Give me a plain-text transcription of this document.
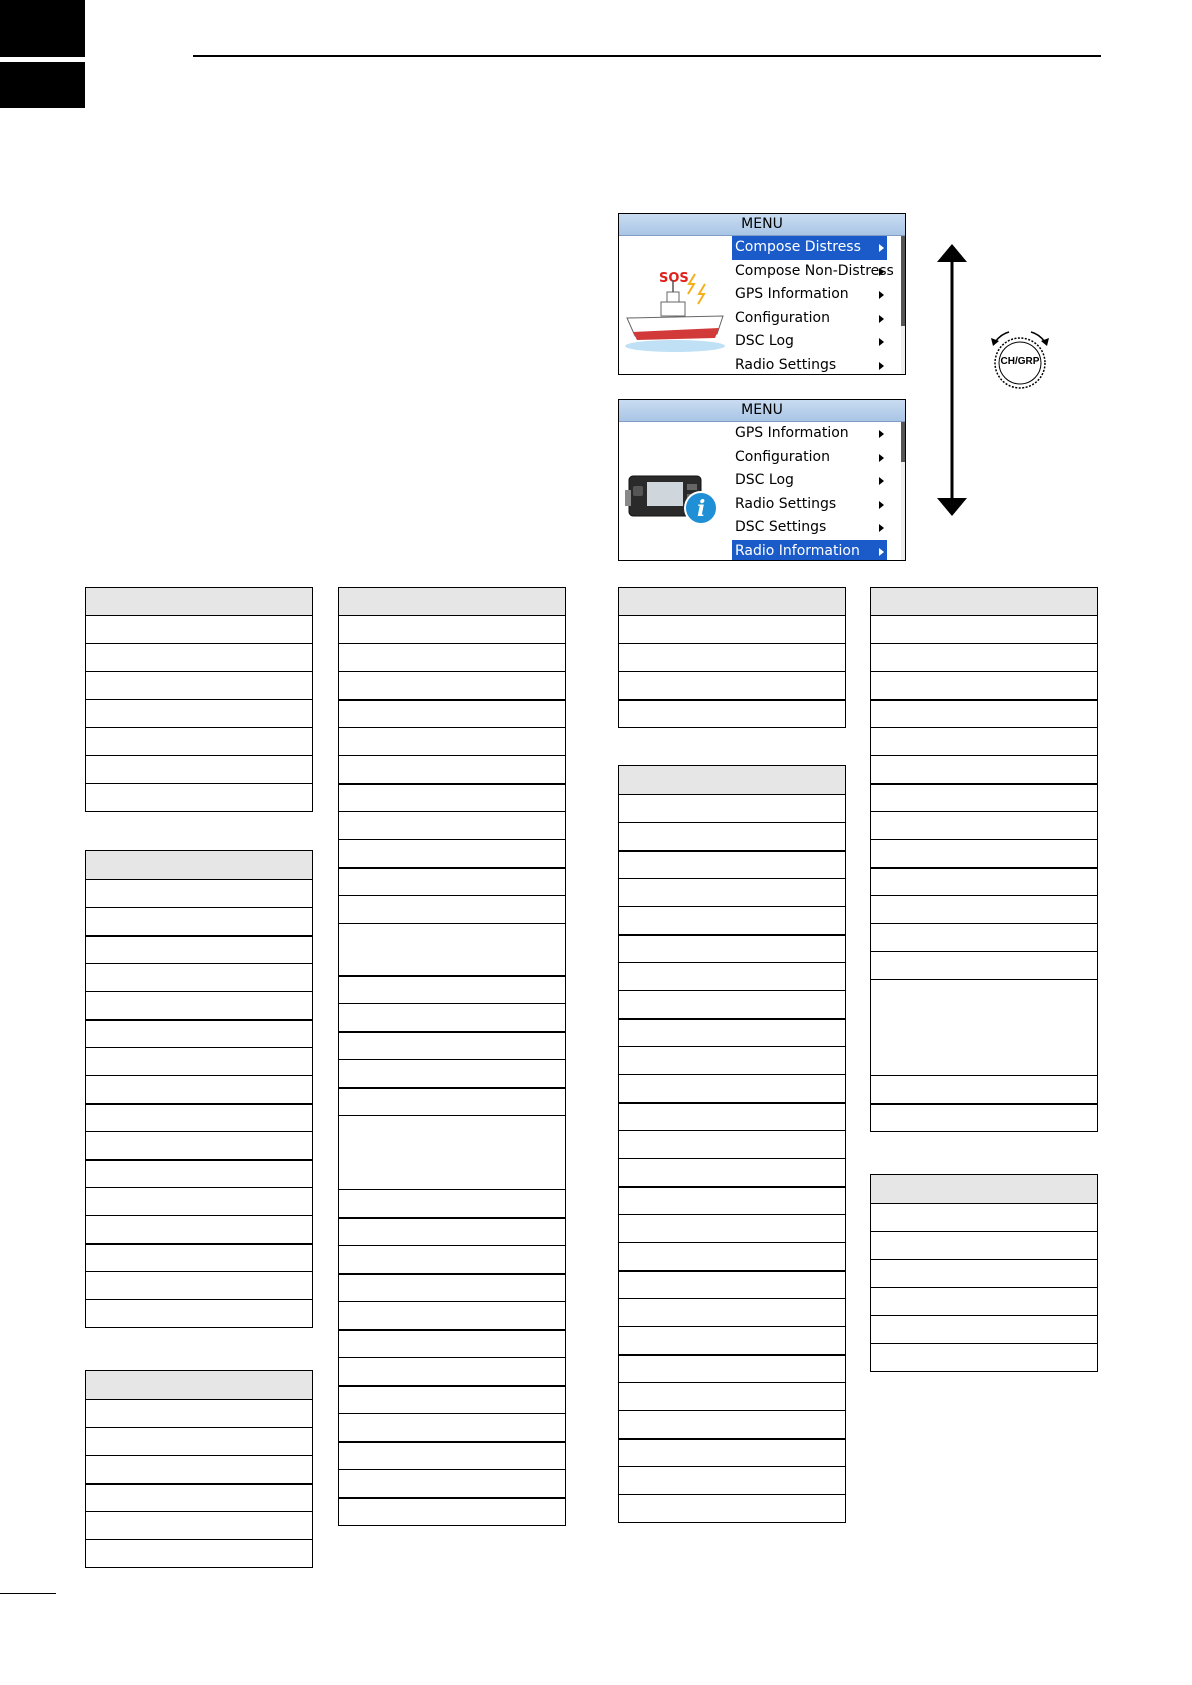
MENU
SOS
Compose Distress
Compose Non-Distress
GPS Information
Configuration
DSC Log
Radio Settings
MENU
i
GPS Information
Configuration
DSC Log
Radio Settings
DSC Settings
Radio Information
CH/GRP
